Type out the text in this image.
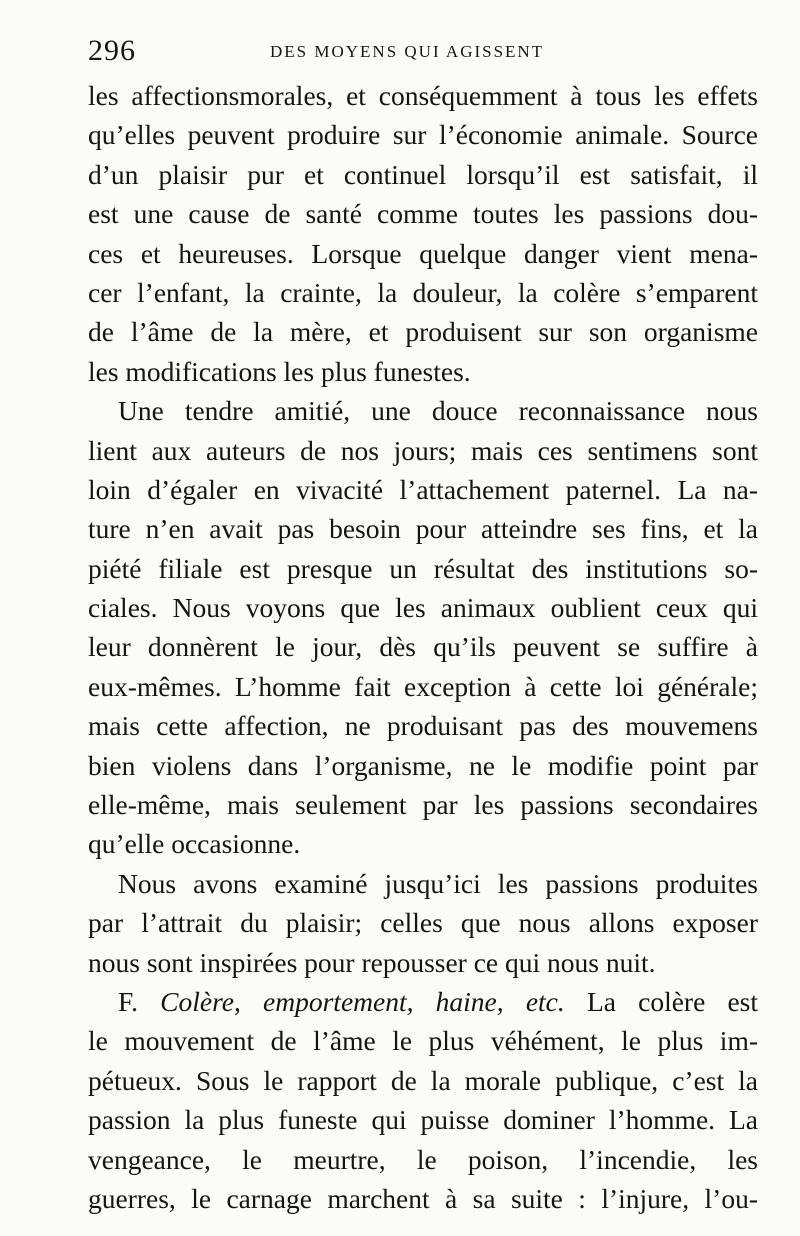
296	DES MOYENS QUI AGISSENT
les affectionsmorales, et conséquemment à tous les effets
qu’elles peuvent produire sur l’économie animale. Source
d’un plaisir pur et continuel lorsqu’il est satisfait, il
est une cause de santé comme toutes les passions dou-
ces et heureuses. Lorsque quelque danger vient mena-
cer l’enfant, la crainte, la douleur, la colère s’emparent
de l’âme de la mère, et produisent sur son organisme
les modifications les plus funestes.
Une tendre amitié, une douce reconnaissance nous
lient aux auteurs de nos jours; mais ces sentimens sont
loin d’égaler en vivacité l’attachement paternel. La na-
ture n’en avait pas besoin pour atteindre ses fins, et la
piété filiale est presque un résultat des institutions so-
ciales. Nous voyons que les animaux oublient ceux qui
leur donnèrent le jour, dès qu’ils peuvent se suffire à
eux-mêmes. L’homme fait exception à cette loi générale;
mais cette affection, ne produisant pas des mouvemens
bien violens dans l’organisme, ne le modifie point par
elle-même, mais seulement par les passions secondaires
qu’elle occasionne.
Nous avons examiné jusqu’ici les passions produites
par l’attrait du plaisir; celles que nous allons exposer
nous sont inspirées pour repousser ce qui nous nuit.
F. Colère, emportement, haine, etc. La colère est
le mouvement de l’âme le plus véhément, le plus im-
pétueux. Sous le rapport de la morale publique, c’est la
passion la plus funeste qui puisse dominer l’homme. La
vengeance, le meurtre, le poison, l’incendie, les
guerres, le carnage marchent à sa suite : l’injure, l’ou-
